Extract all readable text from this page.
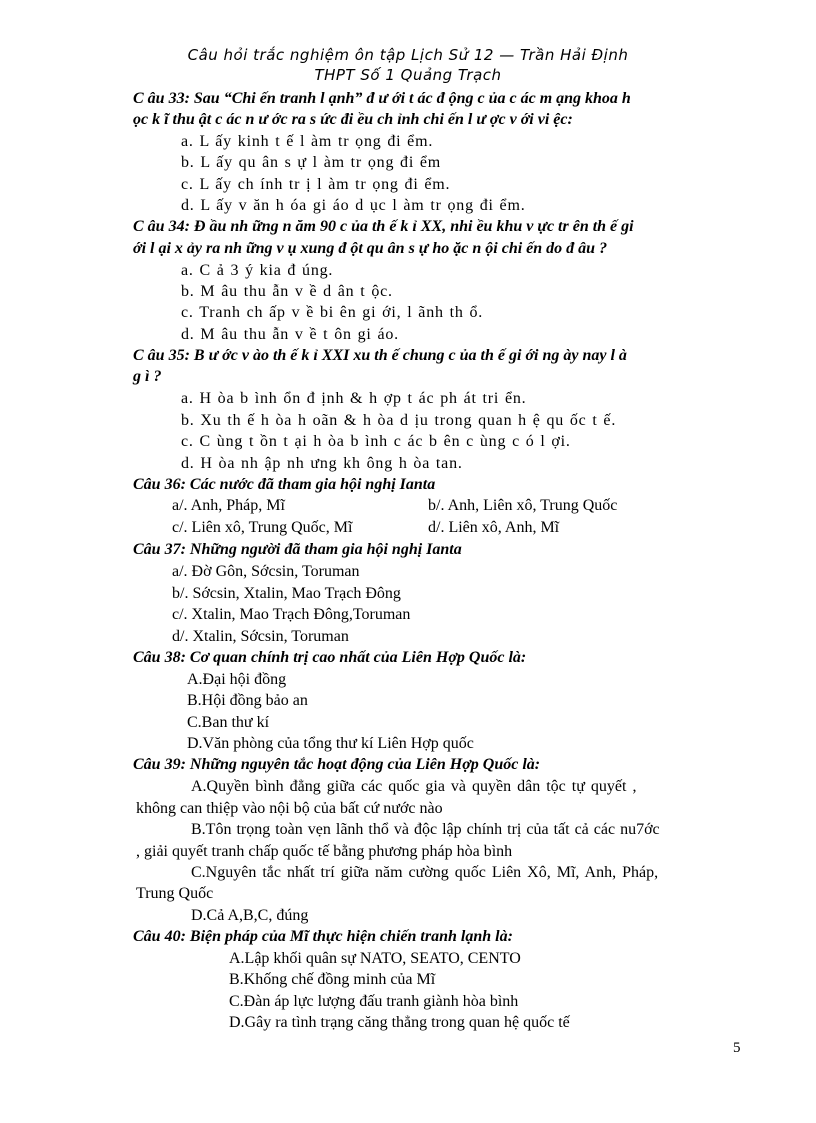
Câu hỏi trắc nghiệm ôn tập Lịch Sử 12 — Trần Hải Định
THPT Số 1 Quảng Trạch
C âu 33: Sau “Chi ến tranh l ạnh” đ ư ới t ác đ ộng c ủa c ác m ạng khoa h
ọc k ĩ thu ật c ác n ư ớc ra s ức đi ều ch ỉnh chi ến l ư ợc v ới vi ệc:
a. L ấy kinh t ế l àm tr ọng đi ểm.
b. L ấy qu ân s ự l àm tr ọng đi ểm
c. L ấy ch ính tr ị l àm tr ọng đi ểm.
d. L ấy v ăn h óa gi áo d ục l àm tr ọng đi ểm.
C âu 34: Đ ầu nh ững n ăm 90 c ủa th ế k ỉ XX, nhi ều khu v ực tr ên th ế gi
ới l ại x ảy ra nh ững v ụ xung đ ột qu ân s ự ho ặc n ội chi ến do đ âu ?
a. C ả 3 ý kia đ úng.
b. M âu thu ẫn v ề d ân t ộc.
c. Tranh ch ấp v ề bi ên gi ới, l ãnh th ổ.
d. M âu thu ẫn v ề t ôn gi áo.
C âu 35: B ư ớc v ào th ế k ỉ XXI xu th ế chung c ủa th ế gi ới ng ày nay l à
g ì ?
a. H òa b ình ổn đ ịnh & h ợp t ác ph át tri ển.
b. Xu th ế h òa h oãn & h òa d ịu trong quan h ệ qu ốc t ế.
c. C ùng t ồn t ại h òa b ình c ác b ên c ùng c ó l ợi.
d. H òa nh ập nh ưng kh ông h òa tan.
Câu 36: Các nước đã tham gia hội nghị Ianta
a/. Anh, Pháp, Mĩ	b/. Anh, Liên xô, Trung Quốc
c/. Liên xô, Trung Quốc, Mĩ	d/. Liên xô, Anh, Mĩ
Câu 37: Những người đã tham gia hội nghị Ianta
a/. Đờ Gôn, Sớcsin, Toruman
b/. Sớcsin, Xtalin, Mao Trạch Đông
c/. Xtalin, Mao Trạch Đông,Toruman
d/. Xtalin, Sớcsin, Toruman
Câu 38: Cơ quan chính trị cao nhất của Liên Hợp Quốc là:
A.Đại hội đồng
B.Hội đồng bảo an
C.Ban thư kí
D.Văn phòng của tổng thư kí Liên Hợp quốc
Câu 39: Những nguyên tắc hoạt động của Liên Hợp Quốc là:
A.Quyền bình đẳng giữa các quốc gia và quyền dân tộc tự quyết ,
không can thiệp vào nội bộ của bất cứ nước nào
B.Tôn trọng toàn vẹn lãnh thổ và độc lập chính trị của tất cả các nu7ớc
, giải quyết tranh chấp quốc tế bằng phương pháp hòa bình
C.Nguyên tắc nhất trí giữa năm cường quốc Liên Xô, Mĩ, Anh, Pháp,
Trung Quốc
D.Cả A,B,C, đúng
Câu 40: Biện pháp của Mĩ thực hiện chiến tranh lạnh là:
A.Lập khối quân sự NATO, SEATO, CENTO
B.Khống chế đồng minh của Mĩ
C.Đàn áp lực lượng đấu tranh giành hòa bình
D.Gây ra tình trạng căng thẳng trong quan hệ quốc tế
5
